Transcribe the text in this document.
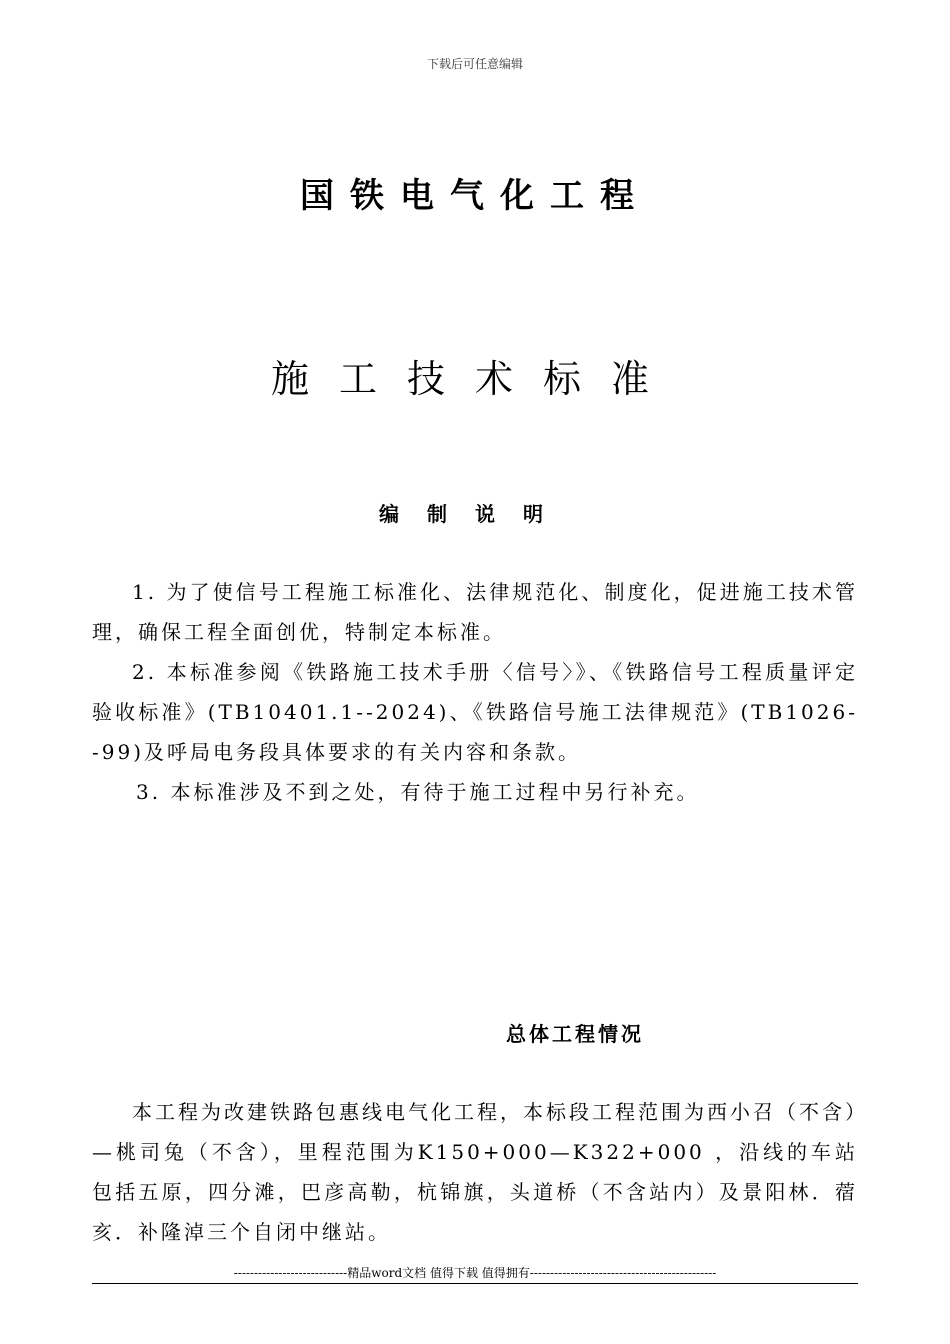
下载后可任意编辑
国铁电气化工程
施工技术标准
编制说明

1. 为了使信号工程施工标准化、法律规范化、制度化，促进施工技术管理，确保工程全面创优，特制定本标准。

2. 本标准参阅《铁路施工技术手册〈信号〉》、《铁路信号工程质量评定验收标准》(TB10401.1--2024)、《铁路信号施工法律规范》(TB1026--99)及呼局电务段具体要求的有关内容和条款。

3. 本标准涉及不到之处，有待于施工过程中另行补充。

总体工程情况

本工程为改建铁路包惠线电气化工程，本标段工程范围为西小召（不含）—桃司兔（不含），里程范围为K150+000—K322+000 ，沿线的车站包括五原，四分滩，巴彦高勒，杭锦旗，头道桥（不含站内）及景阳林．蓿亥．补隆淖三个自闭中继站。

----------------------------精品word文档 值得下载 值得拥有----------------------------------------------
